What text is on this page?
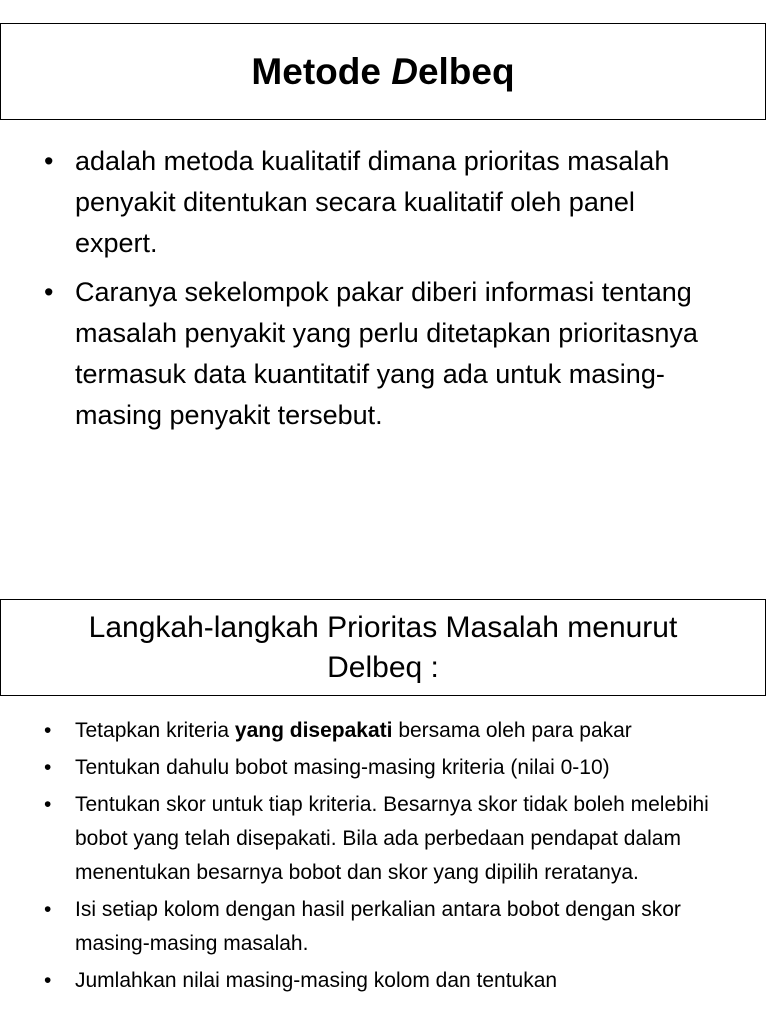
Metode Delbeq
• adalah metoda kualitatif dimana prioritas masalah penyakit ditentukan secara kualitatif oleh panel expert.
• Caranya sekelompok pakar diberi informasi tentang masalah penyakit yang perlu ditetapkan prioritasnya termasuk data kuantitatif yang ada untuk masing-masing penyakit tersebut.
Langkah-langkah Prioritas Masalah menurut Delbeq :
• Tetapkan kriteria yang disepakati bersama oleh para pakar
• Tentukan dahulu bobot masing-masing kriteria (nilai 0-10)
• Tentukan skor untuk tiap kriteria. Besarnya skor tidak boleh melebihi bobot yang telah disepakati. Bila ada perbedaan pendapat dalam menentukan besarnya bobot dan skor yang dipilih reratanya.
• Isi setiap kolom dengan hasil perkalian antara bobot dengan skor masing-masing masalah.
• Jumlahkan nilai masing-masing kolom dan tentukan
